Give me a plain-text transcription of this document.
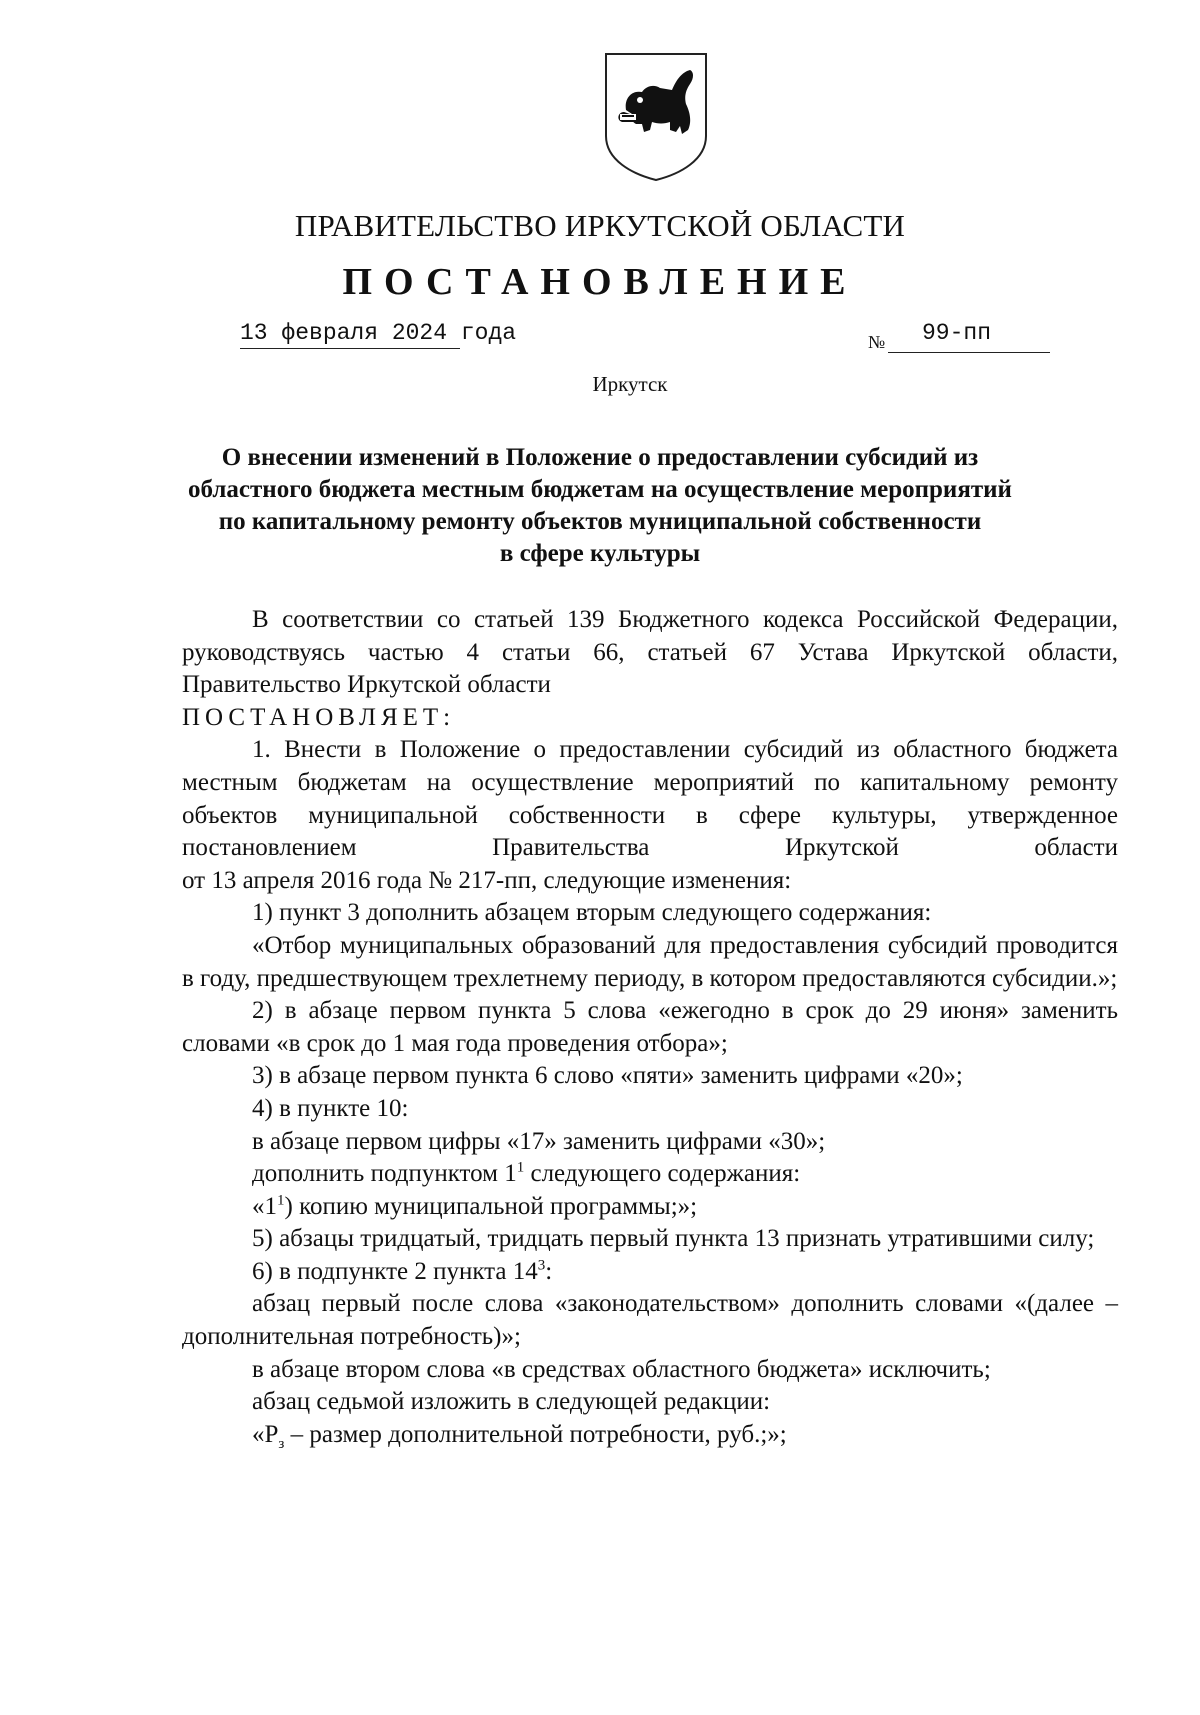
ПРАВИТЕЛЬСТВО ИРКУТСКОЙ ОБЛАСТИ
ПОСТАНОВЛЕНИЕ
13 февраля 2024 года	№ 99-пп
Иркутск
О внесении изменений в Положение о предоставлении субсидий из
областного бюджета местным бюджетам на осуществление мероприятий
по капитальному ремонту объектов муниципальной собственности
в сфере культуры
В соответствии со статьей 139 Бюджетного кодекса Российской Федерации, руководствуясь частью 4 статьи 66, статьей 67 Устава Иркутской области, Правительство Иркутской области
ПОСТАНОВЛЯЕТ:
1. Внести в Положение о предоставлении субсидий из областного бюджета местным бюджетам на осуществление мероприятий по капитальному ремонту объектов муниципальной собственности в сфере культуры, утвержденное постановлением Правительства Иркутской области
от 13 апреля 2016 года № 217-пп, следующие изменения:
1) пункт 3 дополнить абзацем вторым следующего содержания:
«Отбор муниципальных образований для предоставления субсидий проводится в году, предшествующем трехлетнему периоду, в котором предоставляются субсидии.»;
2) в абзаце первом пункта 5 слова «ежегодно в срок до 29 июня» заменить словами «в срок до 1 мая года проведения отбора»;
3) в абзаце первом пункта 6 слово «пяти» заменить цифрами «20»;
4) в пункте 10:
в абзаце первом цифры «17» заменить цифрами «30»;
дополнить подпунктом $1^1$ следующего содержания:
«$1^1$) копию муниципальной программы;»;
5) абзацы тридцатый, тридцать первый пункта 13 признать утратившими силу;
6) в подпункте 2 пункта $14^3$:
абзац первый после слова «законодательством» дополнить словами «(далее – дополнительная потребность)»;
в абзаце втором слова «в средствах областного бюджета» исключить;
абзац седьмой изложить в следующей редакции:
«$Р_з$ – размер дополнительной потребности, руб.;»;
